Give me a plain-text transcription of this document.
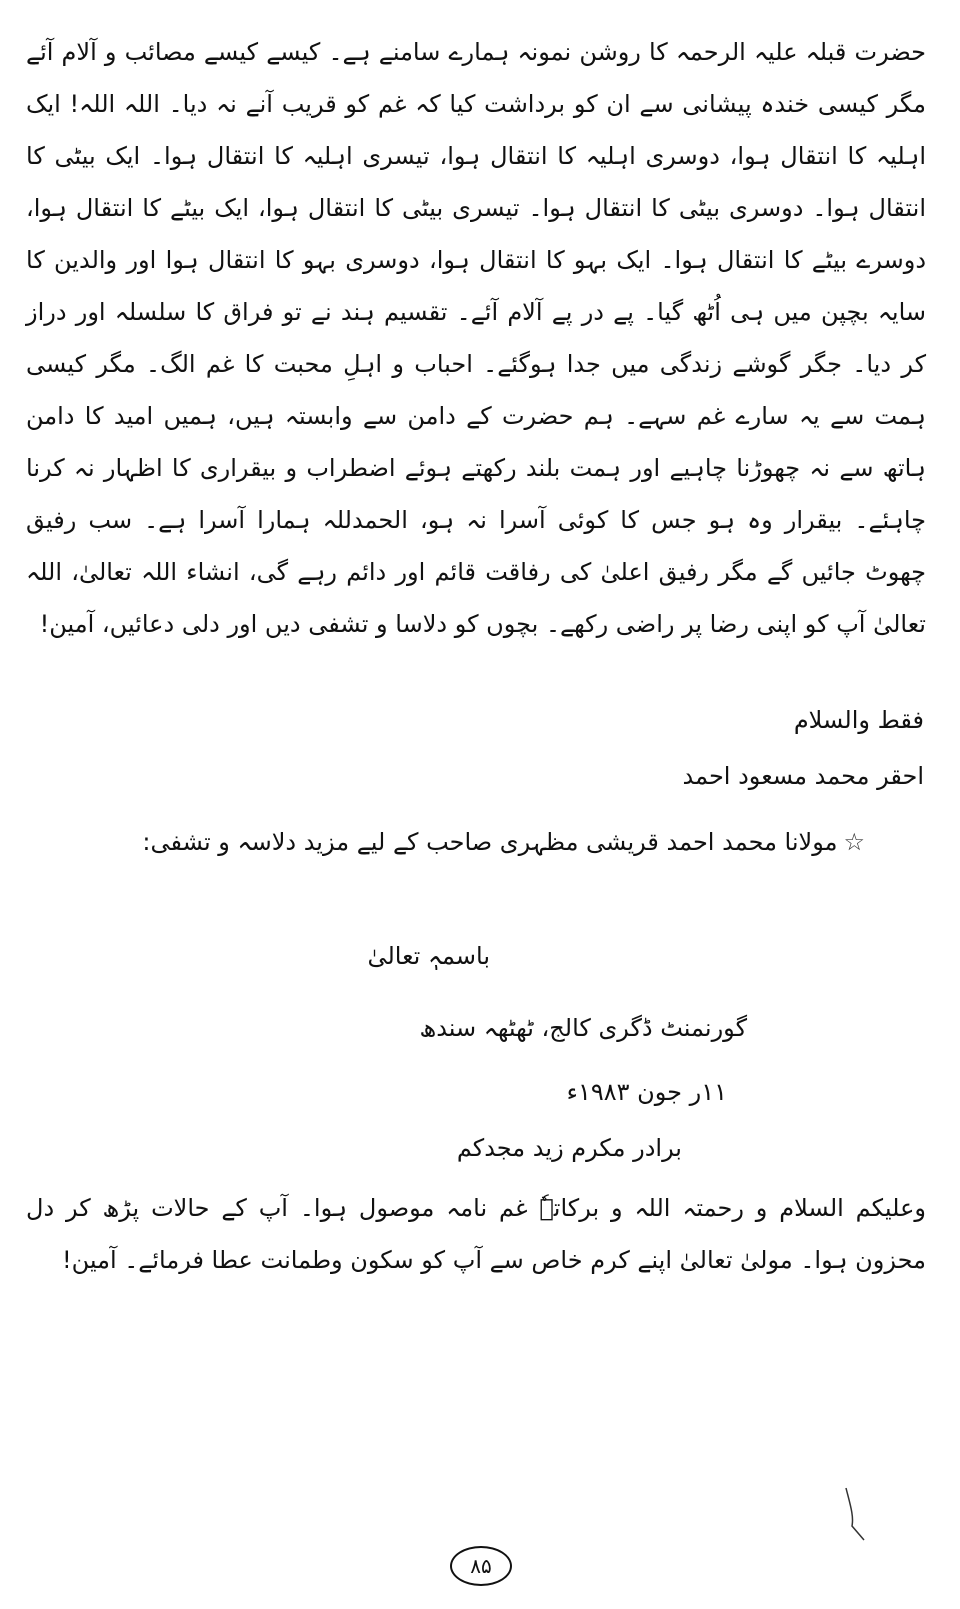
حضرت قبلہ علیہ الرحمہ کا روشن نمونہ ہمارے سامنے ہے۔ کیسے کیسے مصائب و آلام آئے مگر کیسی خندہ پیشانی سے ان کو برداشت کیا کہ غم کو قریب آنے نہ دیا۔ اللہ اللہ! ایک اہلیہ کا انتقال ہوا، دوسری اہلیہ کا انتقال ہوا، تیسری اہلیہ کا انتقال ہوا۔ ایک بیٹی کا انتقال ہوا۔ دوسری بیٹی کا انتقال ہوا۔ تیسری بیٹی کا انتقال ہوا، ایک بیٹے کا انتقال ہوا، دوسرے بیٹے کا انتقال ہوا۔ ایک بہو کا انتقال ہوا، دوسری بہو کا انتقال ہوا اور والدین کا سایہ بچپن میں ہی اُٹھ گیا۔ پے در پے آلام آئے۔ تقسیم ہند نے تو فراق کا سلسلہ اور دراز کر دیا۔ جگر گوشے زندگی میں جدا ہوگئے۔ احباب و اہلِ محبت کا غم الگ۔ مگر کیسی ہمت سے یہ سارے غم سہے۔ ہم حضرت کے دامن سے وابستہ ہیں، ہمیں امید کا دامن ہاتھ سے نہ چھوڑنا چاہیے اور ہمت بلند رکھتے ہوئے اضطراب و بیقراری کا اظہار نہ کرنا چاہئے۔ بیقرار وہ ہو جس کا کوئی آسرا نہ ہو، الحمدللہ ہمارا آسرا ہے۔ سب رفیق چھوٹ جائیں گے مگر رفیق اعلیٰ کی رفاقت قائم اور دائم رہے گی، انشاء اللہ تعالیٰ، اللہ تعالیٰ آپ کو اپنی رضا پر راضی رکھے۔ بچوں کو دلاسا و تشفی دیں اور دلی دعائیں، آمین!

فقط والسلام
احقر محمد مسعود احمد
☆مولانا محمد احمد قریشی مظہری صاحب کے لیے مزید دلاسہ و تشفی:
باسمہٖ تعالیٰ
گورنمنٹ ڈگری کالج، ٹھٹھہ سندھ
۱۱ر جون ۱۹۸۳ء
برادر مکرم زید مجدکم

وعلیکم السلام و رحمتہ اللہ و برکاتہٗ غم نامہ موصول ہوا۔ آپ کے حالات پڑھ کر دل محزون ہوا۔ مولیٰ تعالیٰ اپنے کرم خاص سے آپ کو سکون وطمانت عطا فرمائے۔ آمین!

۸۵
